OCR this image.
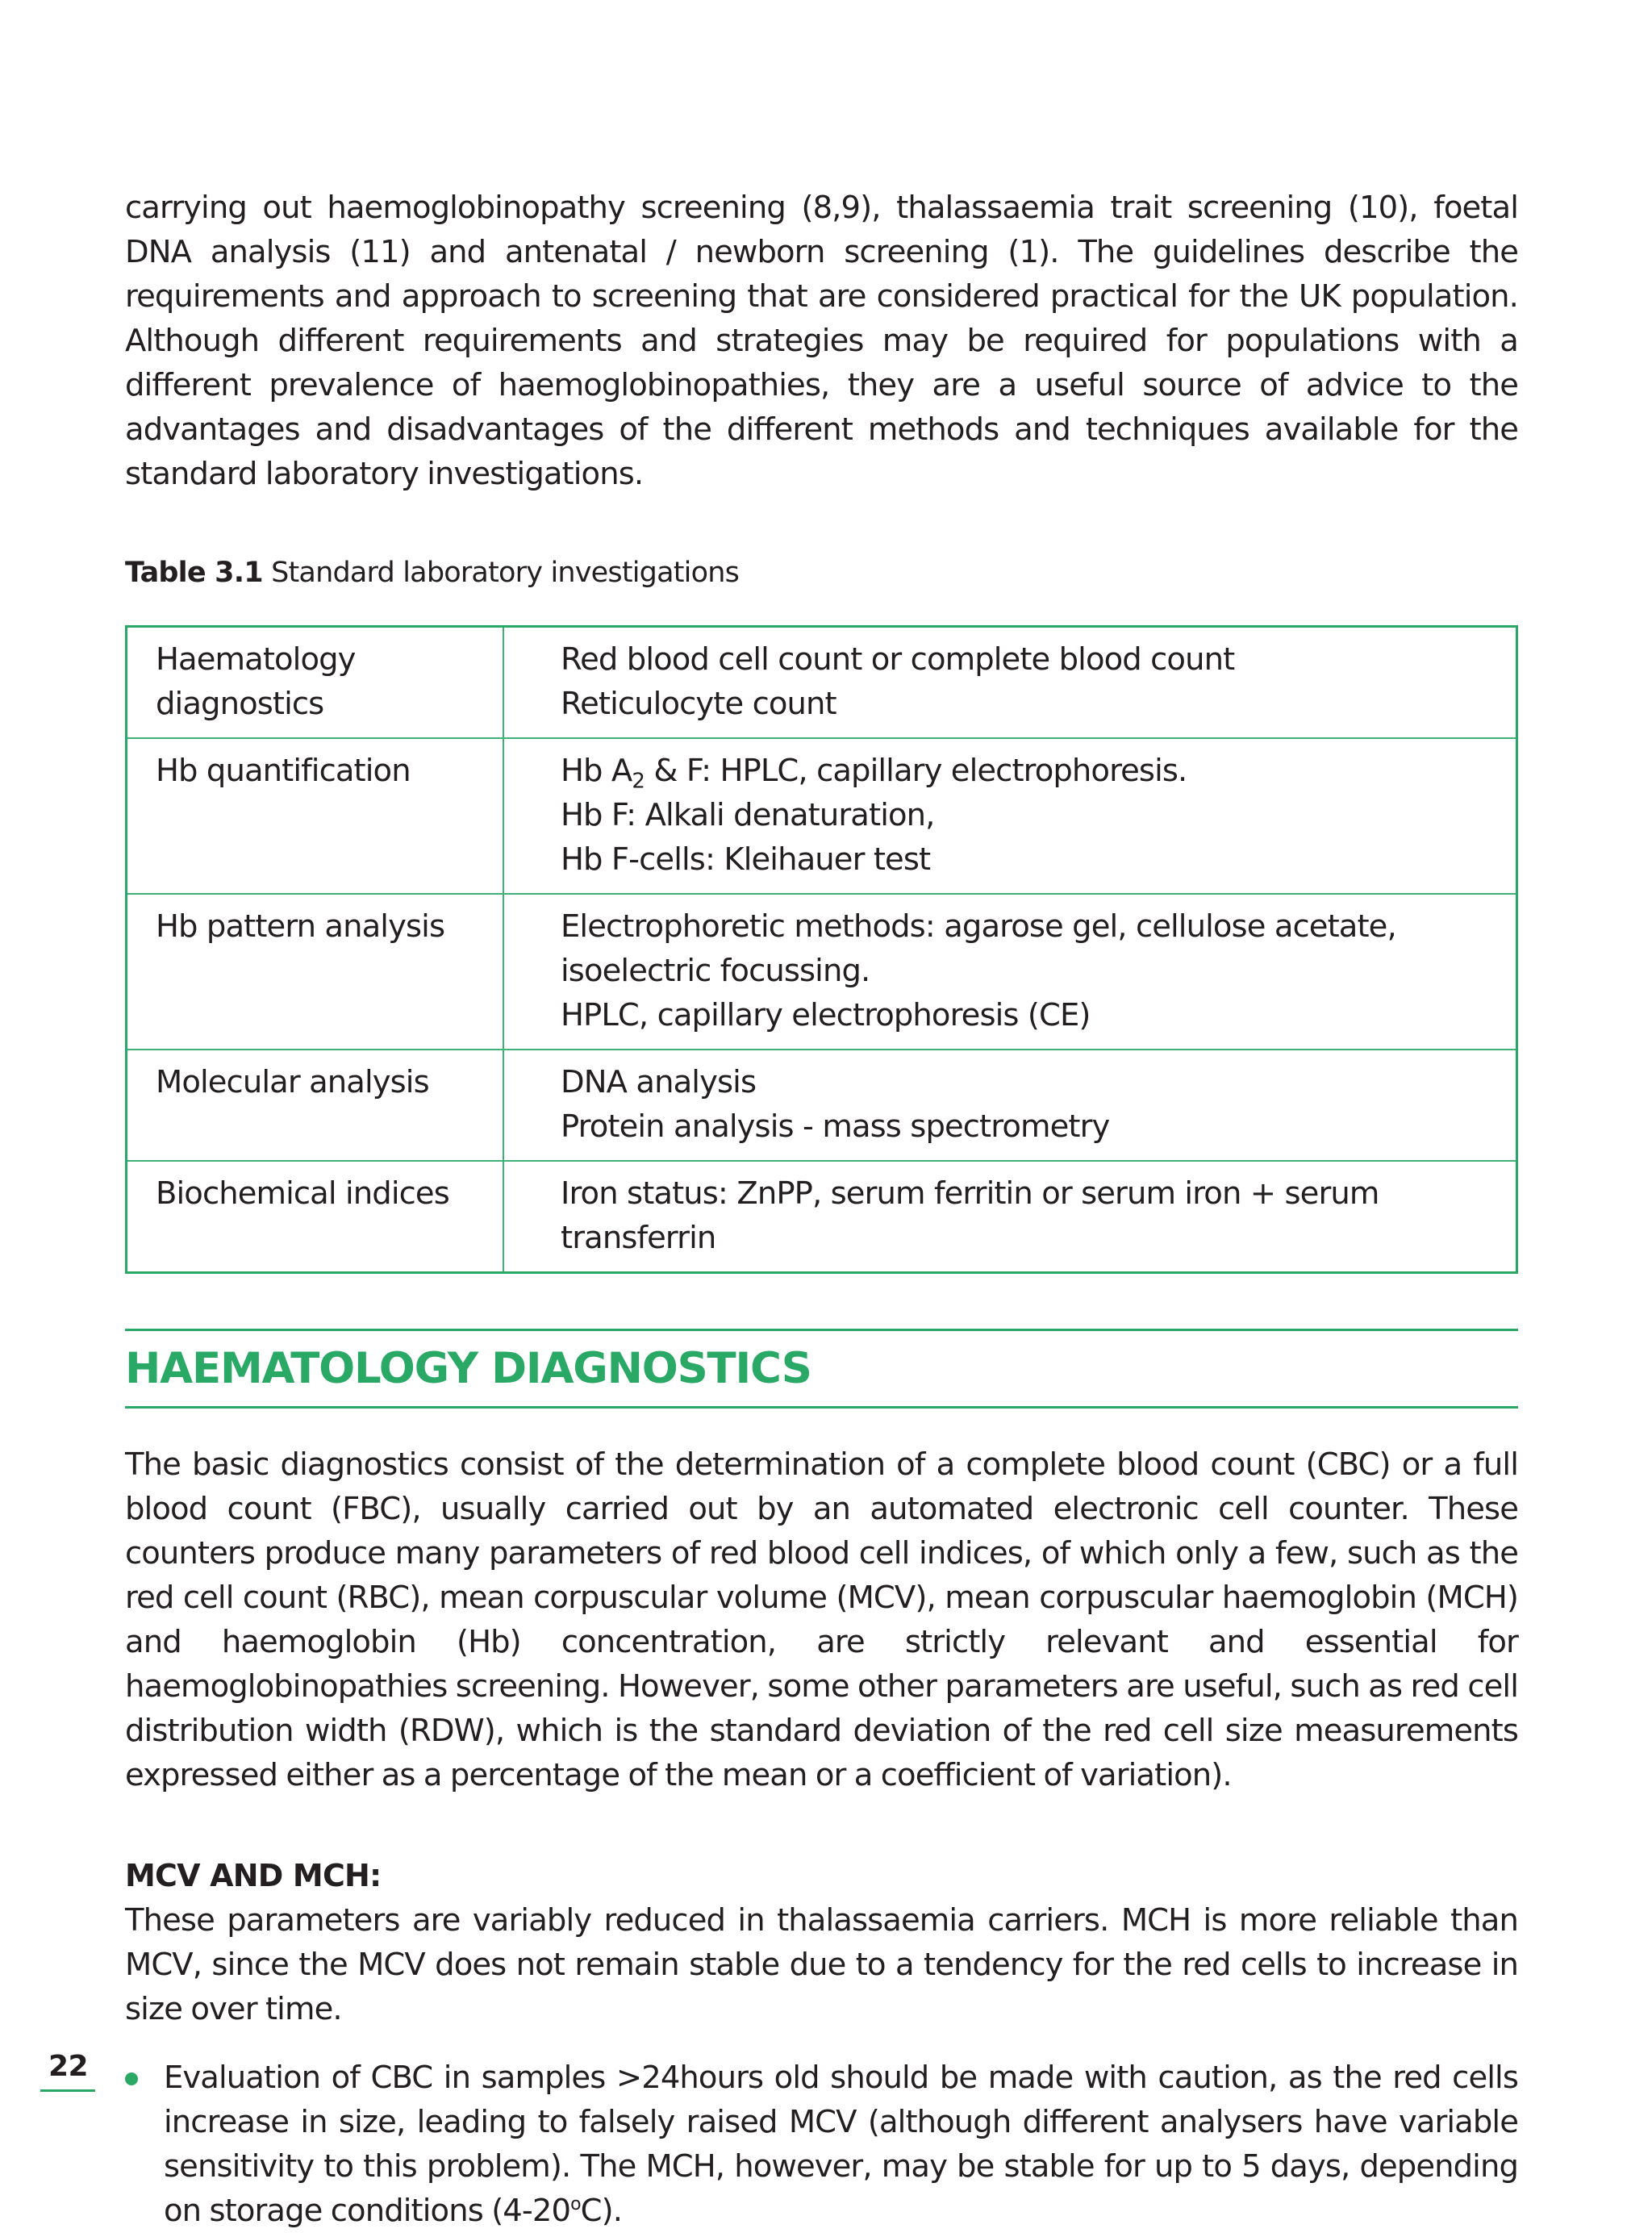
carrying out haemoglobinopathy screening (8,9), thalassaemia trait screening (10), foetal DNA analysis (11) and antenatal / newborn screening (1). The guidelines describe the requirements and approach to screening that are considered practical for the UK population. Although different requirements and strategies may be required for populations with a different prevalence of haemoglobinopathies, they are a useful source of advice to the advantages and disadvantages of the different methods and techniques available for the standard laboratory investigations.

Table 3.1 Standard laboratory investigations

Haematology diagnostics	Red blood cell count or complete blood count
Reticulocyte count

Hb quantification	Hb $A_2$ & F: HPLC, capillary electrophoresis.
Hb F: Alkali denaturation,
Hb F-cells: Kleihauer test

Hb pattern analysis	Electrophoretic methods: agarose gel, cellulose acetate, isoelectric focussing.
HPLC, capillary electrophoresis (CE)

Molecular analysis	DNA analysis
Protein analysis - mass spectrometry

Biochemical indices	Iron status: ZnPP, serum ferritin or serum iron + serum transferrin
HAEMATOLOGY DIAGNOSTICS

The basic diagnostics consist of the determination of a complete blood count (CBC) or a full blood count (FBC), usually carried out by an automated electronic cell counter. These counters produce many parameters of red blood cell indices, of which only a few, such as the red cell count (RBC), mean corpuscular volume (MCV), mean corpuscular haemoglobin (MCH) and haemoglobin (Hb) concentration, are strictly relevant and essential for haemoglobinopathies screening. However, some other parameters are useful, such as red cell distribution width (RDW), which is the standard deviation of the red cell size measurements expressed either as a percentage of the mean or a coefficient of variation).

MCV AND MCH:

These parameters are variably reduced in thalassaemia carriers. MCH is more reliable than MCV, since the MCV does not remain stable due to a tendency for the red cells to increase in size over time.

Evaluation of CBC in samples >24hours old should be made with caution, as the red cells increase in size, leading to falsely raised MCV (although different analysers have variable sensitivity to this problem). The MCH, however, may be stable for up to 5 days, depending on storage conditions (4-20$^o$C).
22
